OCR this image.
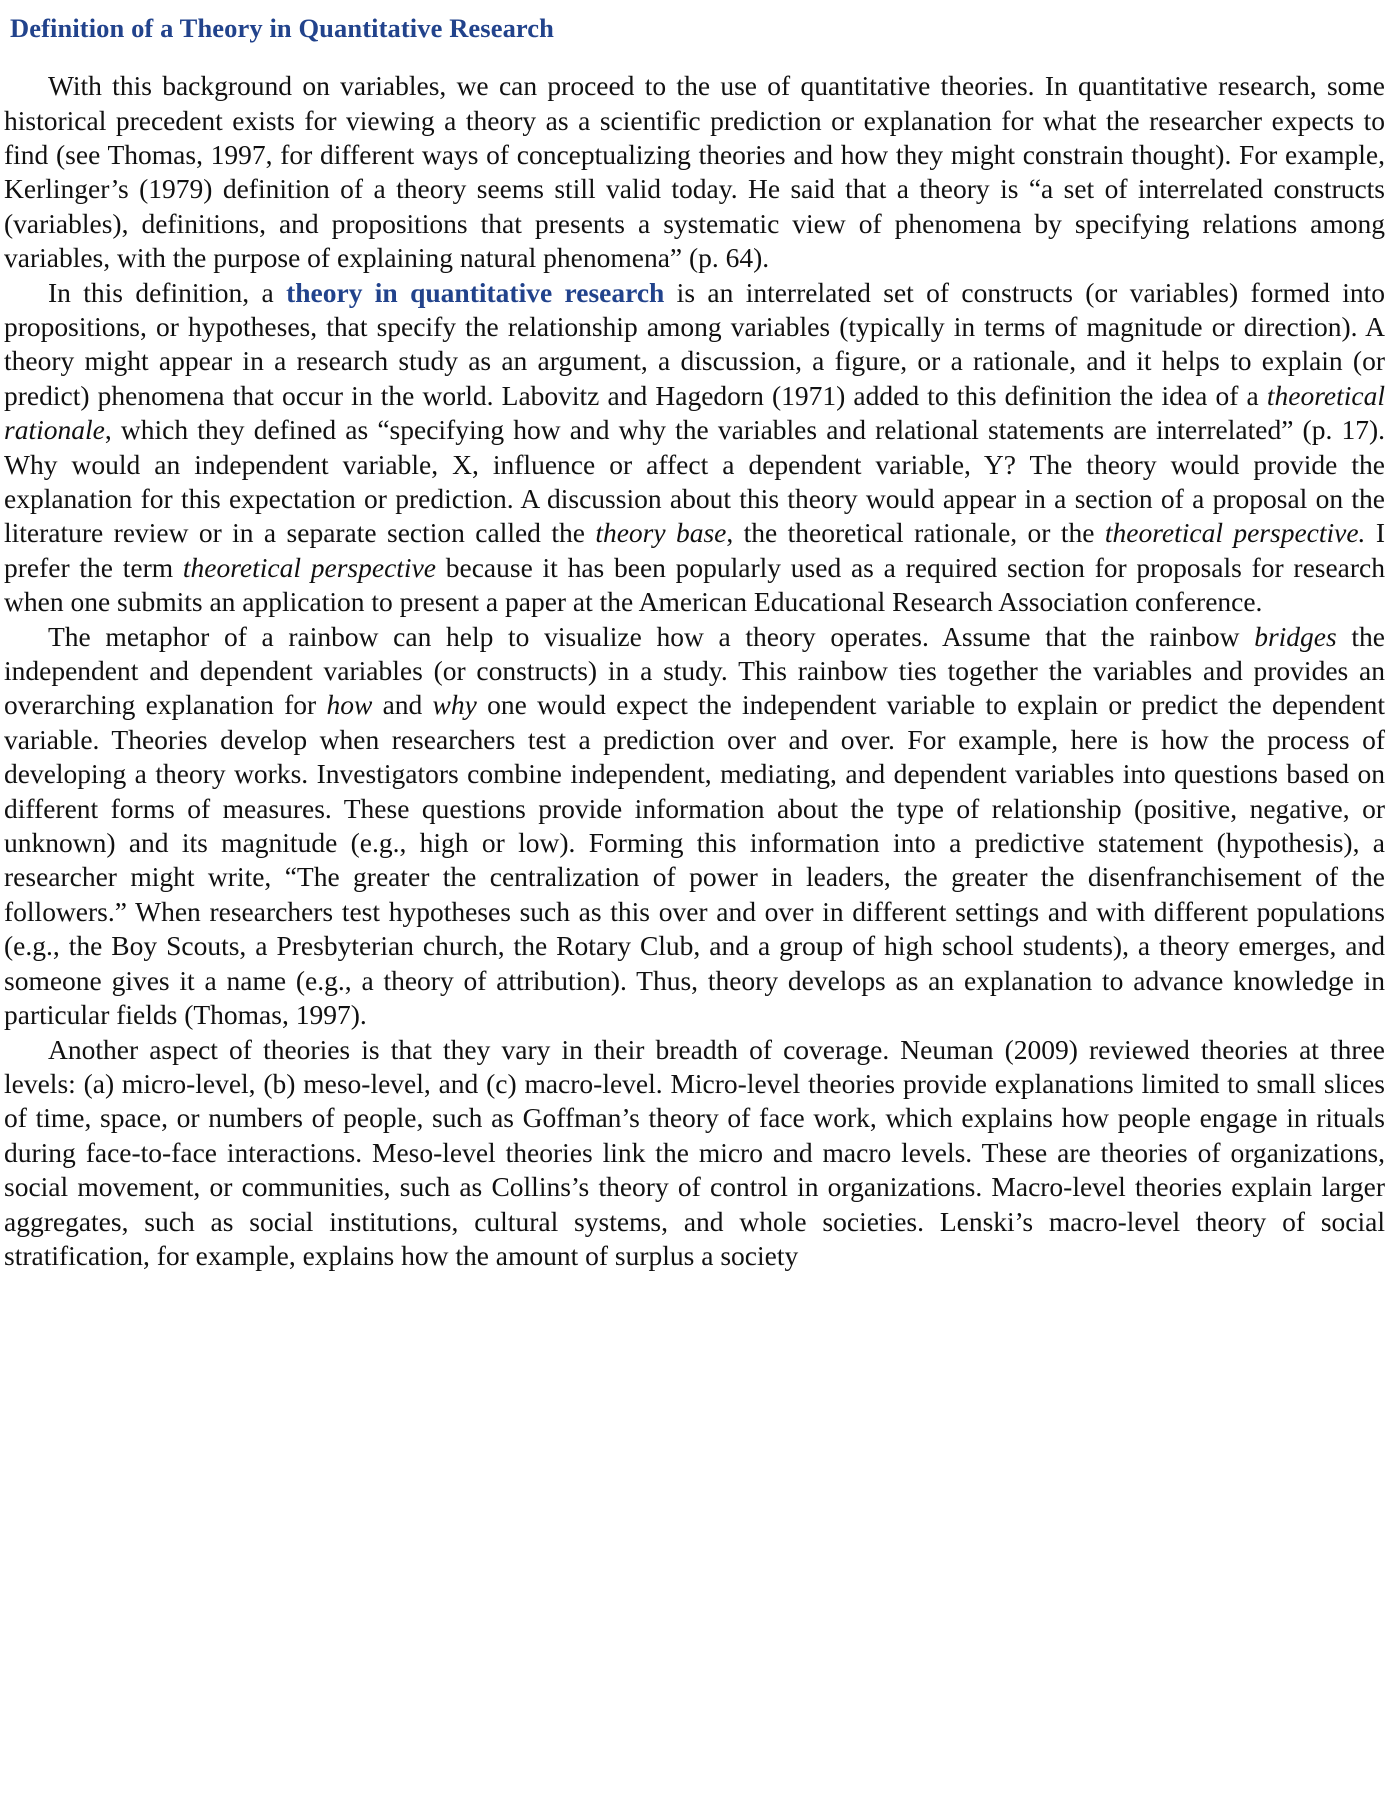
Definition of a Theory in Quantitative Research

With this background on variables, we can proceed to the use of quantitative theories. In quantitative research, some historical precedent exists for viewing a theory as a scientific prediction or explanation for what the researcher expects to find (see Thomas, 1997, for different ways of conceptualizing theories and how they might constrain thought). For example, Kerlinger’s (1979) definition of a theory seems still valid today. He said that a theory is “a set of interrelated constructs (variables), definitions, and propositions that presents a systematic view of phenomena by specifying relations among variables, with the purpose of explaining natural phenomena” (p. 64).

In this definition, a theory in quantitative research is an interrelated set of constructs (or variables) formed into propositions, or hypotheses, that specify the relationship among variables (typically in terms of magnitude or direction). A theory might appear in a research study as an argument, a discussion, a figure, or a rationale, and it helps to explain (or predict) phenomena that occur in the world. Labovitz and Hagedorn (1971) added to this definition the idea of a theoretical rationale, which they defined as “specifying how and why the variables and relational statements are interrelated” (p. 17). Why would an independent variable, X, influence or affect a dependent variable, Y? The theory would provide the explanation for this expectation or prediction. A discussion about this theory would appear in a section of a proposal on the literature review or in a separate section called the theory base, the theoretical rationale, or the theoretical perspective. I prefer the term theoretical perspective because it has been popularly used as a required section for proposals for research when one submits an application to present a paper at the American Educational Research Association conference.

The metaphor of a rainbow can help to visualize how a theory operates. Assume that the rainbow bridges the independent and dependent variables (or constructs) in a study. This rainbow ties together the variables and provides an overarching explanation for how and why one would expect the independent variable to explain or predict the dependent variable. Theories develop when researchers test a prediction over and over. For example, here is how the process of developing a theory works. Investigators combine independent, mediating, and dependent variables into questions based on different forms of measures. These questions provide information about the type of relationship (positive, negative, or unknown) and its magnitude (e.g., high or low). Forming this information into a predictive statement (hypothesis), a researcher might write, “The greater the centralization of power in leaders, the greater the disenfranchisement of the followers.” When researchers test hypotheses such as this over and over in different settings and with different populations (e.g., the Boy Scouts, a Presbyterian church, the Rotary Club, and a group of high school students), a theory emerges, and someone gives it a name (e.g., a theory of attribution). Thus, theory develops as an explanation to advance knowledge in particular fields (Thomas, 1997).

Another aspect of theories is that they vary in their breadth of coverage. Neuman (2009) reviewed theories at three levels: (a) micro-level, (b) meso-level, and (c) macro-level. Micro-level theories provide explanations limited to small slices of time, space, or numbers of people, such as Goffman’s theory of face work, which explains how people engage in rituals during face-to-face interactions. Meso-level theories link the micro and macro levels. These are theories of organizations, social movement, or communities, such as Collins’s theory of control in organizations. Macro-level theories explain larger aggregates, such as social institutions, cultural systems, and whole societies. Lenski’s macro-level theory of social stratification, for example, explains how the amount of surplus a society
